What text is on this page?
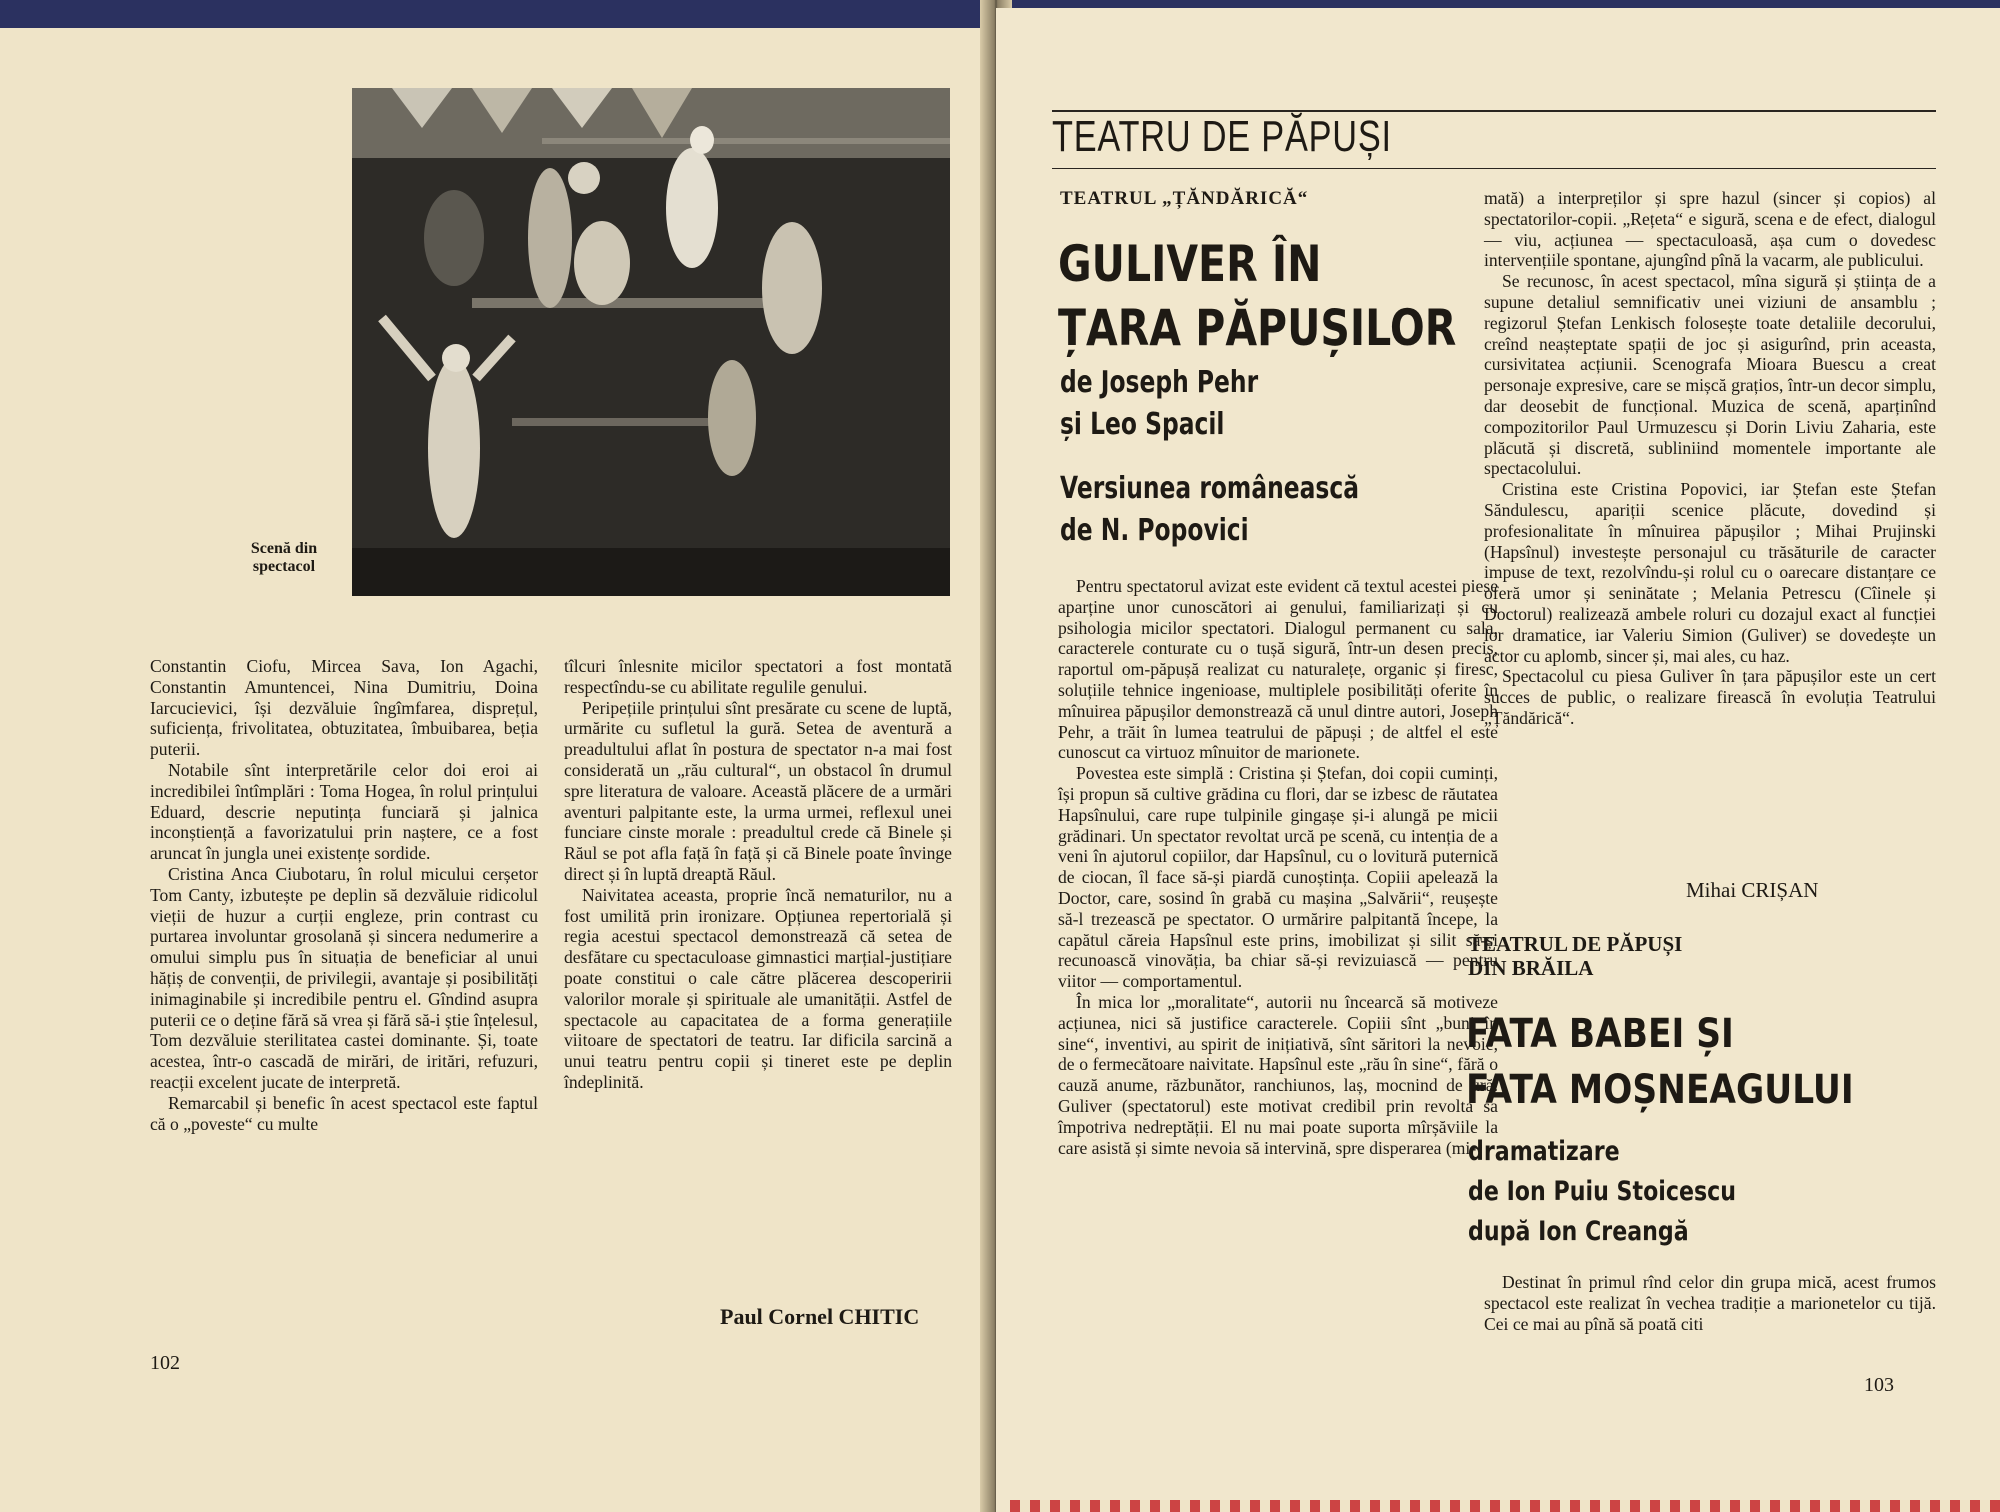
Scenă din spectacol

Constantin Ciofu, Mircea Sava, Ion Agachi, Constantin Amuntencei, Nina Dumitriu, Doina Iarcucievici, își dezvăluie îngîmfarea, disprețul, suficiența, frivolitatea, obtuzitatea, îmbuibarea, bețiа puterii.

Notabile sînt interpretările celor doi eroi ai incredibilei întîmplări : Toma Hogea, în rolul prințului Eduard, descrie neputința funciară și jalnica inconștiență a favorizatului prin naștere, ce a fost aruncat în jungla unei existențe sordide.

Cristina Anca Ciubotaru, în rolul micului cerșetor Tom Canty, izbutește pe deplin să dezvăluie ridicolul vieții de huzur a curții engleze, prin contrast cu purtarea involuntar grosolană și sincera nedumerire a omului simplu pus în situația de beneficiar al unui hățiș de convenții, de privilegii, avantaje și posibilități inimaginabile și incredibile pentru el. Gîndind asupra puterii ce o deține fără să vrea și fără să-i știe înțelesul, Tom dezvăluie sterilitatea castei dominante. Și, toate acestea, într-o cascadă de mirări, de iritări, refuzuri, reacții excelent jucate de interpretă.

Remarcabil și benefic în acest spectacol este faptul că o „poveste“ cu multe

tîlcuri înlesnite micilor spectatori a fost montată respectîndu-se cu abilitate regulile genului.

Peripețiile prințului sînt presărate cu scene de luptă, urmărite cu sufletul la gură. Setea de aventură a preadultului aflat în postura de spectator n-a mai fost considerată un „rău cultural“, un obstacol în drumul spre literatura de valoare. Această plăcere de a urmări aventuri palpitante este, la urma urmei, reflexul unei funciare cinste morale : preadultul crede că Binele și Răul se pot afla față în față și că Binele poate învinge direct și în luptă dreaptă Răul.

Naivitatea aceasta, proprie încă nematurilor, nu a fost umilită prin ironizare. Opțiunea repertorială și regia acestui spectacol demonstrează că setea de desfătare cu spectaculoase gimnastici marțial-justițiare poate constitui o cale către plăcerea descoperirii valorilor morale și spirituale ale umanității. Astfel de spectacole au capacitatea de a forma generațiile viitoare de spectatori de teatru. Iar dificila sarcină a unui teatru pentru copii și tineret este pe deplin îndeplinită.

Paul Cornel CHITIC
102
TEATRU DE PĂPUȘI
TEATRUL „ȚĂNDĂRICĂ“
GULIVER ÎN
ȚARA PĂPUȘILOR
de Joseph Pehr
și Leo Spacil
Versiunea românească
de N. Popovici

Pentru spectatorul avizat este evident că textul acestei piese aparține unor cunoscători ai genului, familiarizați și cu psihologia micilor spectatori. Dialogul permanent cu sala, caracterele conturate cu o tușă sigură, într-un desen precis, raportul om-păpușă realizat cu naturalețe, organic și firesc, soluțiile tehnice ingenioase, multiplele posibilități oferite în mînuirea păpușilor demonstrează că unul dintre autori, Joseph Pehr, a trăit în lumea teatrului de păpuși ; de altfel el este cunoscut ca virtuoz mînuitor de marionete.

Povestea este simplă : Cristina și Ștefan, doi copii cuminți, își propun să cultive grădina cu flori, dar se izbesc de răutatea Hapsînului, care rupe tulpinile gingașe și-i alungă pe micii grădinari. Un spectator revoltat urcă pe scenă, cu intenția de a veni în ajutorul copiilor, dar Hapsînul, cu o lovitură puternică de ciocan, îl face să-și piardă cunoștința. Copiii apelează la Doctor, care, sosind în grabă cu mașina „Salvării“, reușește să-l trezească pe spectator. O urmărire palpitantă începe, la capătul căreia Hapsînul este prins, imobilizat și silit să-și recunoască vinovăția, ba chiar să-și revizuiască — pentru viitor — comportamentul.

În mica lor „moralitate“, autorii nu încearcă să motiveze acțiunea, nici să justifice caracterele. Copiii sînt „buni în sine“, inventivi, au spirit de inițiativă, sînt săritori la nevoie, de o fermecătoare naivitate. Hapsînul este „rău în sine“, fără o cauză anume, răzbunător, ranchiunos, laș, mocnind de ură. Guliver (spectatorul) este motivat credibil prin revolta sa împotriva nedreptății. El nu mai poate suporta mîrșăviile la care asistă și simte nevoia să intervină, spre disperarea (mi-

mată) a interpreților și spre hazul (sincer și copios) al spectatorilor-copii. „Rețeta“ e sigură, scena e de efect, dialogul — viu, acțiunea — spectaculoasă, așa cum o dovedesc intervențiile spontane, ajungînd pînă la vacarm, ale publicului.

Se recunosc, în acest spectacol, mîna sigură și știința de a supune detaliul semnificativ unei viziuni de ansamblu ; regizorul Ștefan Lenkisch folosește toate detaliile decorului, creînd neașteptate spații de joc și asigurînd, prin aceasta, cursivitatea acțiunii. Scenografa Mioara Buescu a creat personaje expresive, care se mișcă grațios, într-un decor simplu, dar deosebit de funcțional. Muzica de scenă, aparținînd compozitorilor Paul Urmuzescu și Dorin Liviu Zaharia, este plăcută și discretă, subliniind momentele importante ale spectacolului.

Cristina este Cristina Popovici, iar Ștefan este Ștefan Săndulescu, apariții scenice plăcute, dovedind și profesionalitate în mînuirea păpușilor ; Mihai Prujinski (Hapsînul) investește personajul cu trăsăturile de caracter impuse de text, rezolvîndu-și rolul cu o oarecare distanțare ce oferă umor și seninătate ; Melania Petrescu (Cîinele și Doctorul) realizează ambele roluri cu dozajul exact al funcției lor dramatice, iar Valeriu Simion (Guliver) se dovedește un actor cu aplomb, sincer și, mai ales, cu haz.

Spectacolul cu piesa Guliver în țara păpușilor este un cert succes de public, o realizare firească în evoluția Teatrului „Țăndărică“.

Mihai CRIȘAN
TEATRUL DE PĂPUȘI
DIN BRĂILA
FATA BABEI ȘI
FATA MOȘNEAGULUI
dramatizare
de Ion Puiu Stoicescu
după Ion Creangă

Destinat în primul rînd celor din grupa mică, acest frumos spectacol este realizat în vechea tradiție a marionetelor cu tijă. Cei ce mai au pînă să poată citi

103
